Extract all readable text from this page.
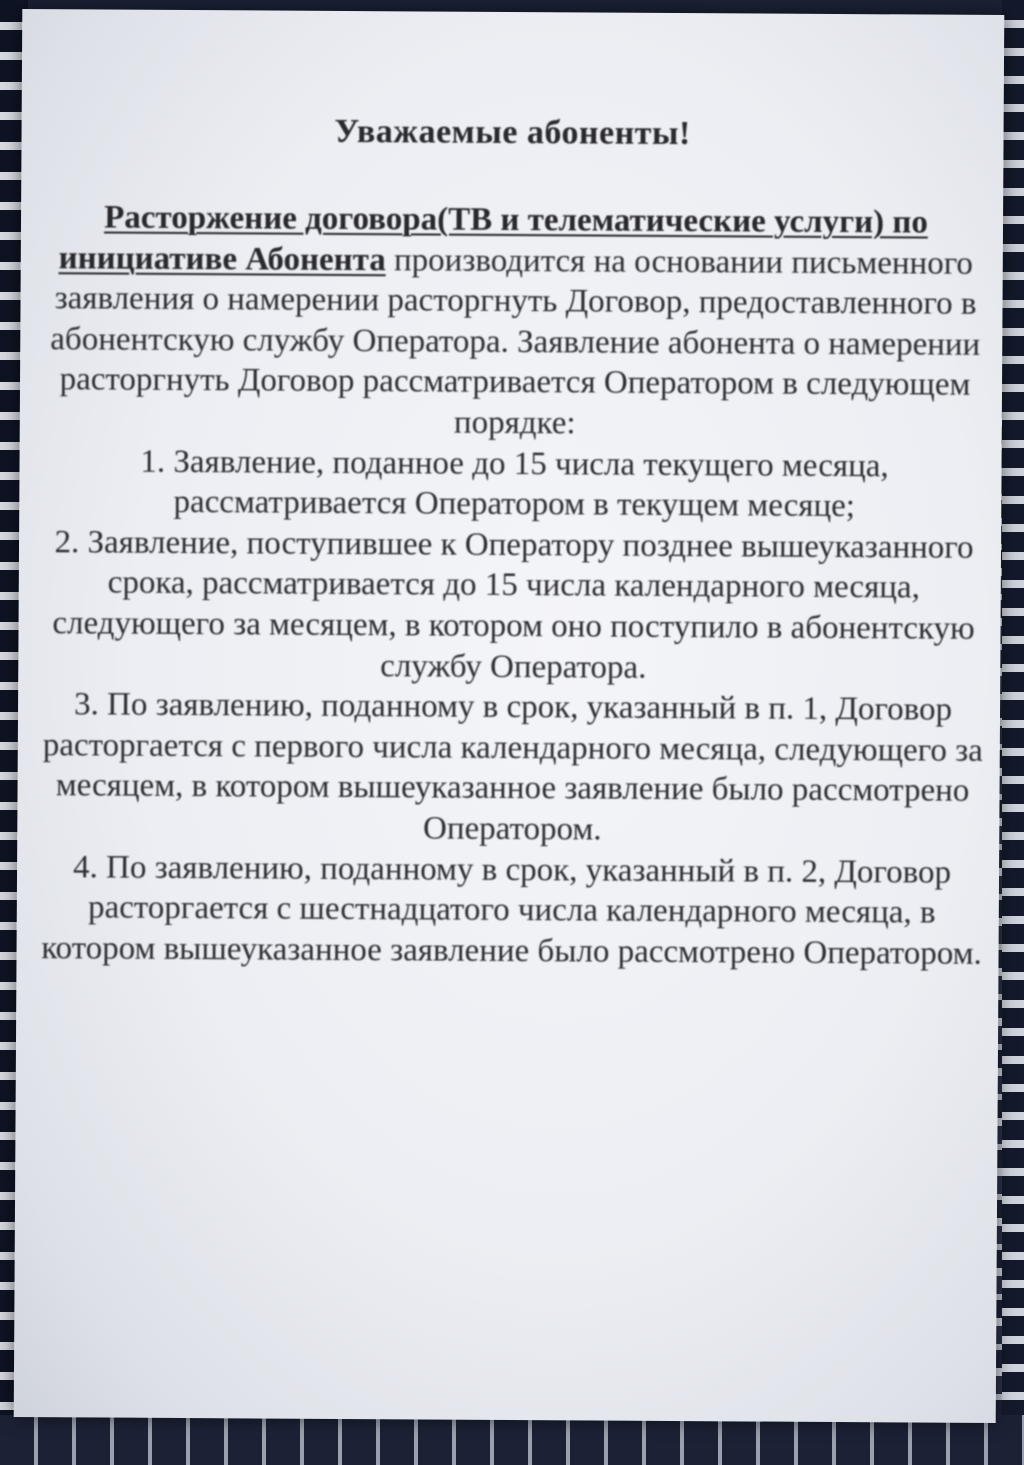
Уважаемые абоненты!

Расторжение договора(ТВ и телематические услуги) по инициативе Абонента производится на основании письменного заявления о намерении расторгнуть Договор, предоставленного в абонентскую службу Оператора. Заявление абонента о намерении расторгнуть Договор рассматривается Оператором в следующем порядке:

1. Заявление, поданное до 15 числа текущего месяца, рассматривается Оператором в текущем месяце;

2. Заявление, поступившее к Оператору позднее вышеуказанного срока, рассматривается до 15 числа календарного месяца, следующего за месяцем, в котором оно поступило в абонентскую службу Оператора.

3. По заявлению, поданному в срок, указанный в п. 1, Договор расторгается с первого числа календарного месяца, следующего за месяцем, в котором вышеуказанное заявление было рассмотрено Оператором.

4. По заявлению, поданному в срок, указанный в п. 2, Договор расторгается с шестнадцатого числа календарного месяца, в котором вышеуказанное заявление было рассмотрено Оператором.
